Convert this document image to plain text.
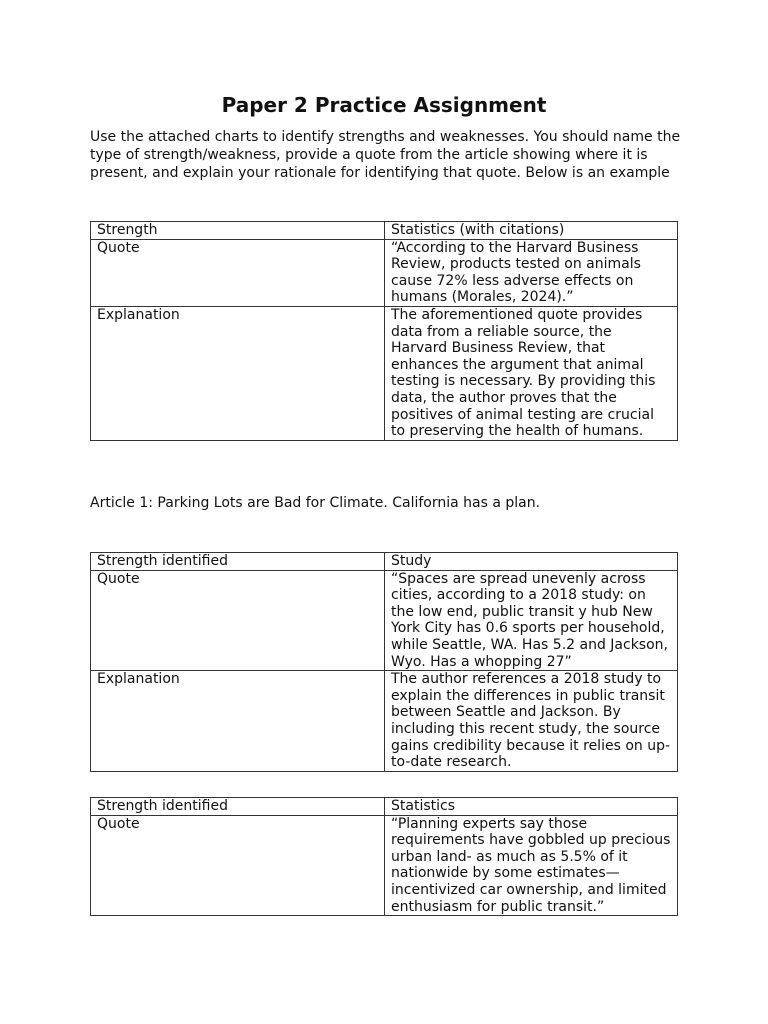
Paper 2 Practice Assignment
Use the attached charts to identify strengths and weaknesses. You should name the type of strength/weakness, provide a quote from the article showing where it is present, and explain your rationale for identifying that quote. Below is an example
Strength	Statistics (with citations)
Quote	“According to the Harvard Business Review, products tested on animals cause 72% less adverse effects on humans (Morales, 2024).”
Explanation	The aforementioned quote provides data from a reliable source, the Harvard Business Review, that enhances the argument that animal testing is necessary. By providing this data, the author proves that the positives of animal testing are crucial to preserving the health of humans.
Article 1: Parking Lots are Bad for Climate. California has a plan.
Strength identified	Study
Quote	“Spaces are spread unevenly across cities, according to a 2018 study: on the low end, public transit y hub New York City has 0.6 sports per household, while Seattle, WA. Has 5.2 and Jackson, Wyo. Has a whopping 27”
Explanation	The author references a 2018 study to explain the differences in public transit between Seattle and Jackson. By including this recent study, the source gains credibility because it relies on up-to-date research.
Strength identified	Statistics
Quote	“Planning experts say those requirements have gobbled up precious urban land- as much as 5.5% of it nationwide by some estimates—incentivized car ownership, and limited enthusiasm for public transit.”
